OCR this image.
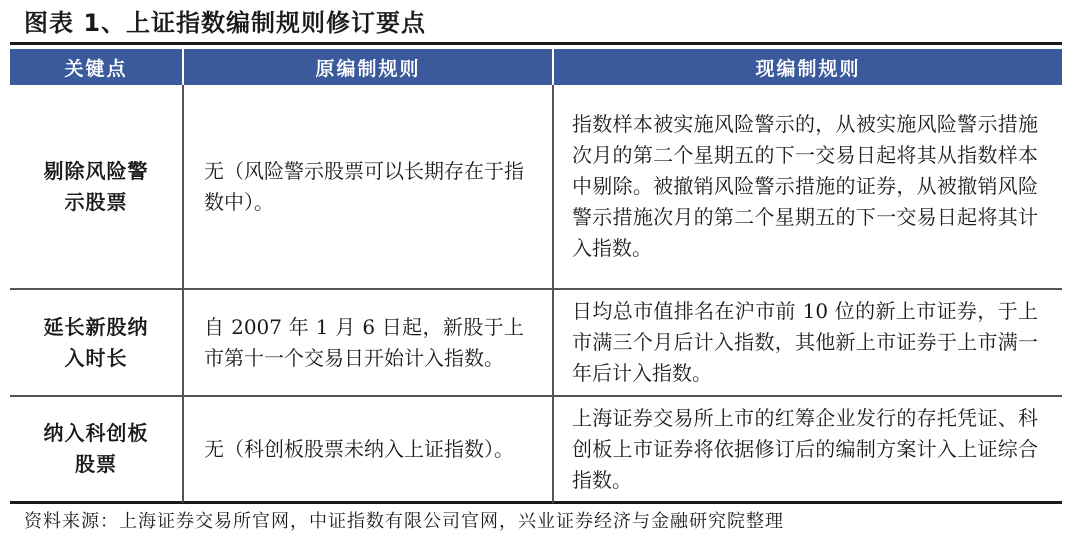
图表 1、上证指数编制规则修订要点
关键点	原编制规则	现编制规则
剔除风险警示股票	无（风险警示股票可以长期存在于指数中）。	指数样本被实施风险警示的，从被实施风险警示措施次月的第二个星期五的下一交易日起将其从指数样本中剔除。被撤销风险警示措施的证券，从被撤销风险警示措施次月的第二个星期五的下一交易日起将其计入指数。

延长新股纳入时长	自 2007 年 1 月 6 日起，新股于上市第十一个交易日开始计入指数。	日均总市值排名在沪市前 10 位的新上市证券，于上市满三个月后计入指数，其他新上市证券于上市满一年后计入指数。

纳入科创板股票	无（科创板股票未纳入上证指数）。	上海证券交易所上市的红筹企业发行的存托凭证、科创板上市证券将依据修订后的编制方案计入上证综合指数。
资料来源：上海证券交易所官网，中证指数有限公司官网，兴业证券经济与金融研究院整理
